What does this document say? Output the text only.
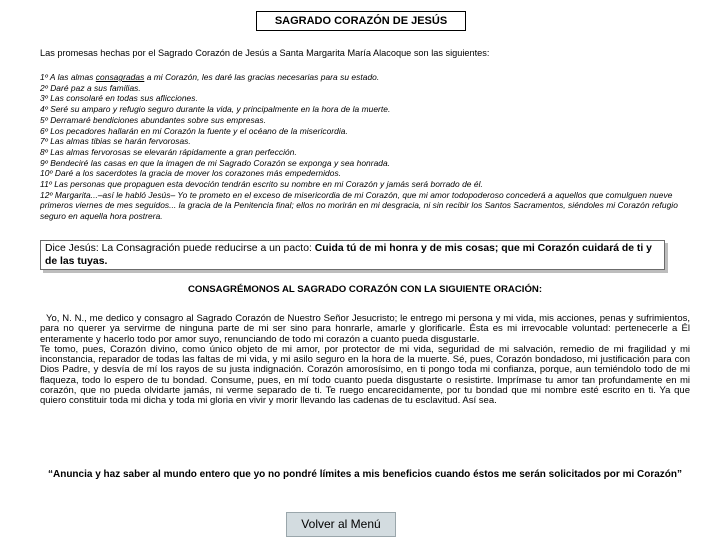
SAGRADO CORAZÓN DE JESÚS
Las promesas hechas por el Sagrado Corazón de Jesús a Santa Margarita María Alacoque son las siguientes:
1º A las almas consagradas a mi Corazón, les daré las gracias necesarias para su estado.
2º Daré paz a sus familias.
3º Las consolaré en todas sus aflicciones.
4º Seré su amparo y refugio seguro durante la vida, y principalmente en la hora de la muerte.
5º Derramaré bendiciones abundantes sobre sus empresas.
6º Los pecadores hallarán en mi Corazón la fuente y el océano de la misericordia.
7º Las almas tibias se harán fervorosas.
8º Las almas fervorosas se elevarán rápidamente a gran perfección.
9º Bendeciré las casas en que la imagen de mi Sagrado Corazón se exponga y sea honrada.
10º Daré a los sacerdotes la gracia de mover los corazones más empedernidos.
11º Las personas que propaguen esta devoción tendrán escrito su nombre en mi Corazón y jamás será borrado de él.
12º Margarita...–así le habló Jesús– Yo te prometo en el exceso de misericordia de mi Corazón, que mi amor todopoderoso concederá a aquellos que comulguen nueve primeros viernes de mes seguidos... la gracia de la Penitencia final; ellos no morirán en mi desgracia, ni sin recibir los Santos Sacramentos, siéndoles mi Corazón refugio seguro en aquella hora postrera.
Dice Jesús: La Consagración puede reducirse a un pacto: Cuida tú de mi honra y de mis cosas; que mi Corazón cuidará de ti y de las tuyas.
CONSAGRÉMONOS AL SAGRADO CORAZÓN CON LA SIGUIENTE ORACIÓN:

Yo, N. N., me dedico y consagro al Sagrado Corazón de Nuestro Señor Jesucristo; le entrego mi persona y mi vida, mis acciones, penas y sufrimientos, para no querer ya servirme de ninguna parte de mi ser sino para honrarle, amarle y glorificarle. Ésta es mi irrevocable voluntad: pertenecerle a Él enteramente y hacerlo todo por amor suyo, renunciando de todo mi corazón a cuanto pueda disgustarle.

Te tomo, pues, Corazón divino, como único objeto de mi amor, por protector de mi vida, seguridad de mi salvación, remedio de mi fragilidad y mi inconstancia, reparador de todas las faltas de mi vida, y mi asilo seguro en la hora de la muerte. Sé, pues, Corazón bondadoso, mi justificación para con Dios Padre, y desvía de mí los rayos de su justa indignación. Corazón amorosísimo, en ti pongo toda mi confianza, porque, aun temiéndolo todo de mi flaqueza, todo lo espero de tu bondad. Consume, pues, en mí todo cuanto pueda disgustarte o resistirte. Imprímase tu amor tan profundamente en mi corazón, que no pueda olvidarte jamás, ni verme separado de ti. Te ruego encarecidamente, por tu bondad que mi nombre esté escrito en ti. Ya que quiero constituir toda mi dicha y toda mi gloria en vivir y morir llevando las cadenas de tu esclavitud. Así sea.

“Anuncia y haz saber al mundo entero que yo no pondré límites a mis beneficios cuando éstos me serán solicitados por mi Corazón”
Volver al Menú
